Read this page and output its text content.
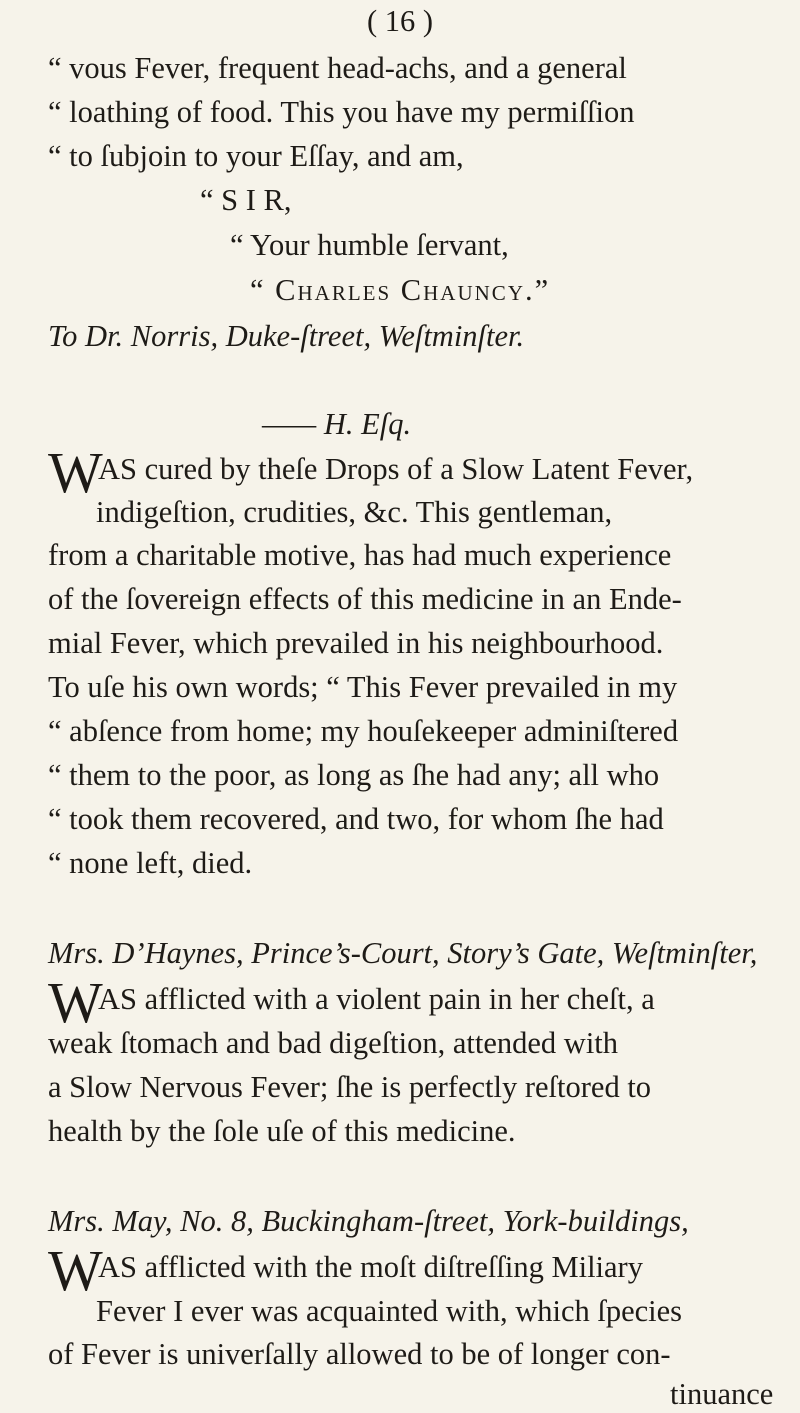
( 16 )
“ vous Fever, frequent head-achs, and a general
“ loathing of food. This you have my permiſſion
“ to ſubjoin to your Eſſay, and am,
“ S I R,
“ Your humble ſervant,
“ Charles Chauncy.”
To Dr. Norris, Duke-ſtreet, Weſtminſter.
—— H. Eſq.
W
AS cured by theſe Drops of a Slow Latent Fever,
indigeſtion, crudities, &c. This gentleman,
from a charitable motive, has had much experience
of the ſovereign effects of this medicine in an Ende-
mial Fever, which prevailed in his neighbourhood.
To uſe his own words; “ This Fever prevailed in my
“ abſence from home; my houſekeeper adminiſtered
“ them to the poor, as long as ſhe had any; all who
“ took them recovered, and two, for whom ſhe had
“ none left, died.
Mrs. D’Haynes, Prince’s-Court, Story’s Gate, Weſtminſter,
W
AS afflicted with a violent pain in her cheſt, a
weak ſtomach and bad digeſtion, attended with
a Slow Nervous Fever; ſhe is perfectly reſtored to
health by the ſole uſe of this medicine.
Mrs. May, No. 8, Buckingham-ſtreet, York-buildings,
W
AS afflicted with the moſt diſtreſſing Miliary
Fever I ever was acquainted with, which ſpecies
of Fever is univerſally allowed to be of longer con-
tinuance
